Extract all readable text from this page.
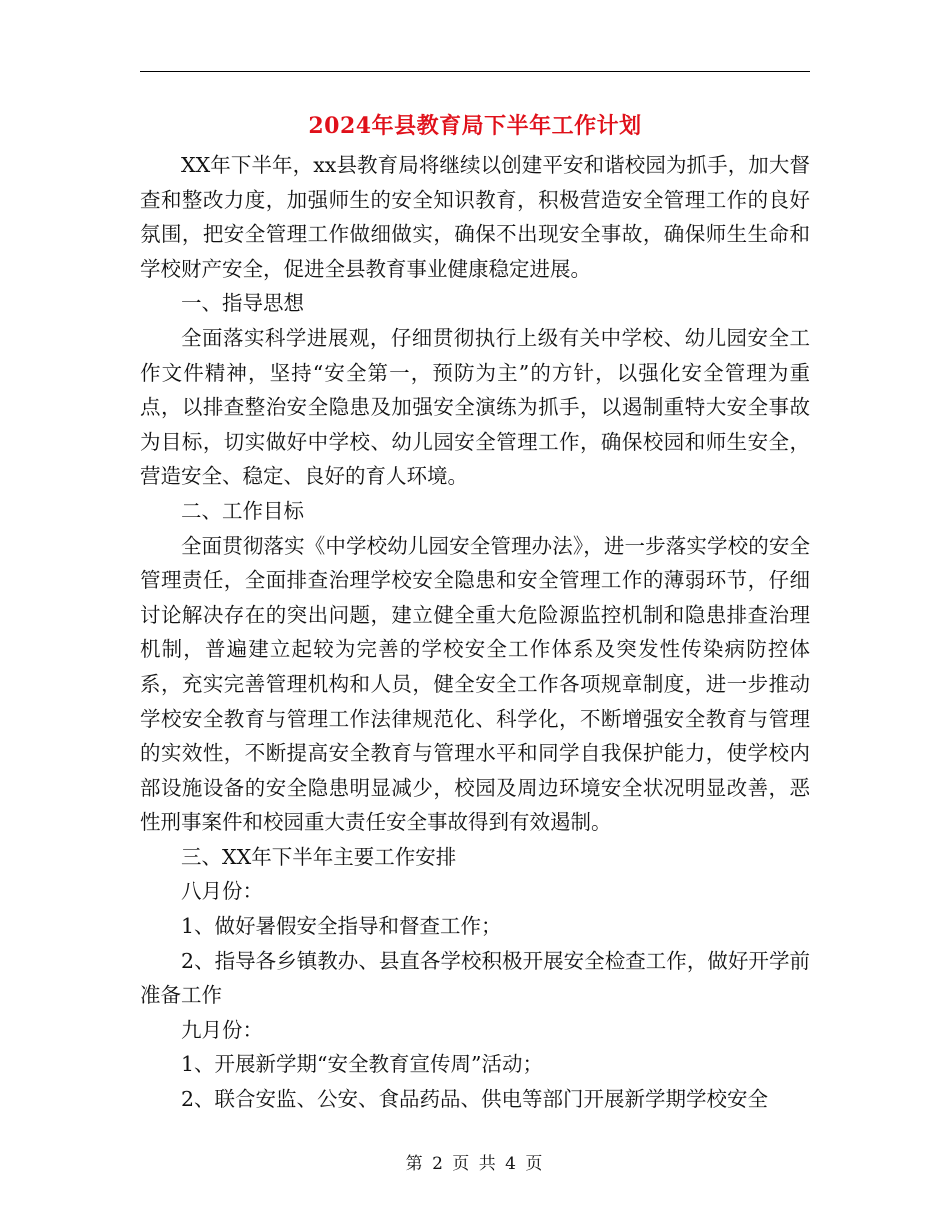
2024年县教育局下半年工作计划

XX年下半年，xx县教育局将继续以创建平安和谐校园为抓手，加大督查和整改力度，加强师生的安全知识教育，积极营造安全管理工作的良好氛围，把安全管理工作做细做实，确保不出现安全事故，确保师生生命和学校财产安全，促进全县教育事业健康稳定进展。

一、指导思想

全面落实科学进展观，仔细贯彻执行上级有关中学校、幼儿园安全工作文件精神，坚持“安全第一，预防为主”的方针，以强化安全管理为重点，以排查整治安全隐患及加强安全演练为抓手，以遏制重特大安全事故为目标，切实做好中学校、幼儿园安全管理工作，确保校园和师生安全，营造安全、稳定、良好的育人环境。

二、工作目标

全面贯彻落实《中学校幼儿园安全管理办法》，进一步落实学校的安全管理责任，全面排查治理学校安全隐患和安全管理工作的薄弱环节，仔细讨论解决存在的突出问题，建立健全重大危险源监控机制和隐患排查治理机制，普遍建立起较为完善的学校安全工作体系及突发性传染病防控体系，充实完善管理机构和人员，健全安全工作各项规章制度，进一步推动学校安全教育与管理工作法律规范化、科学化，不断增强安全教育与管理的实效性，不断提高安全教育与管理水平和同学自我保护能力，使学校内部设施设备的安全隐患明显减少，校园及周边环境安全状况明显改善，恶性刑事案件和校园重大责任安全事故得到有效遏制。

三、XX年下半年主要工作安排

八月份：

1、做好暑假安全指导和督查工作；

2、指导各乡镇教办、县直各学校积极开展安全检查工作，做好开学前准备工作

九月份：

1、开展新学期“安全教育宣传周”活动；

2、联合安监、公安、食品药品、供电等部门开展新学期学校安全

第 2 页 共 4 页
